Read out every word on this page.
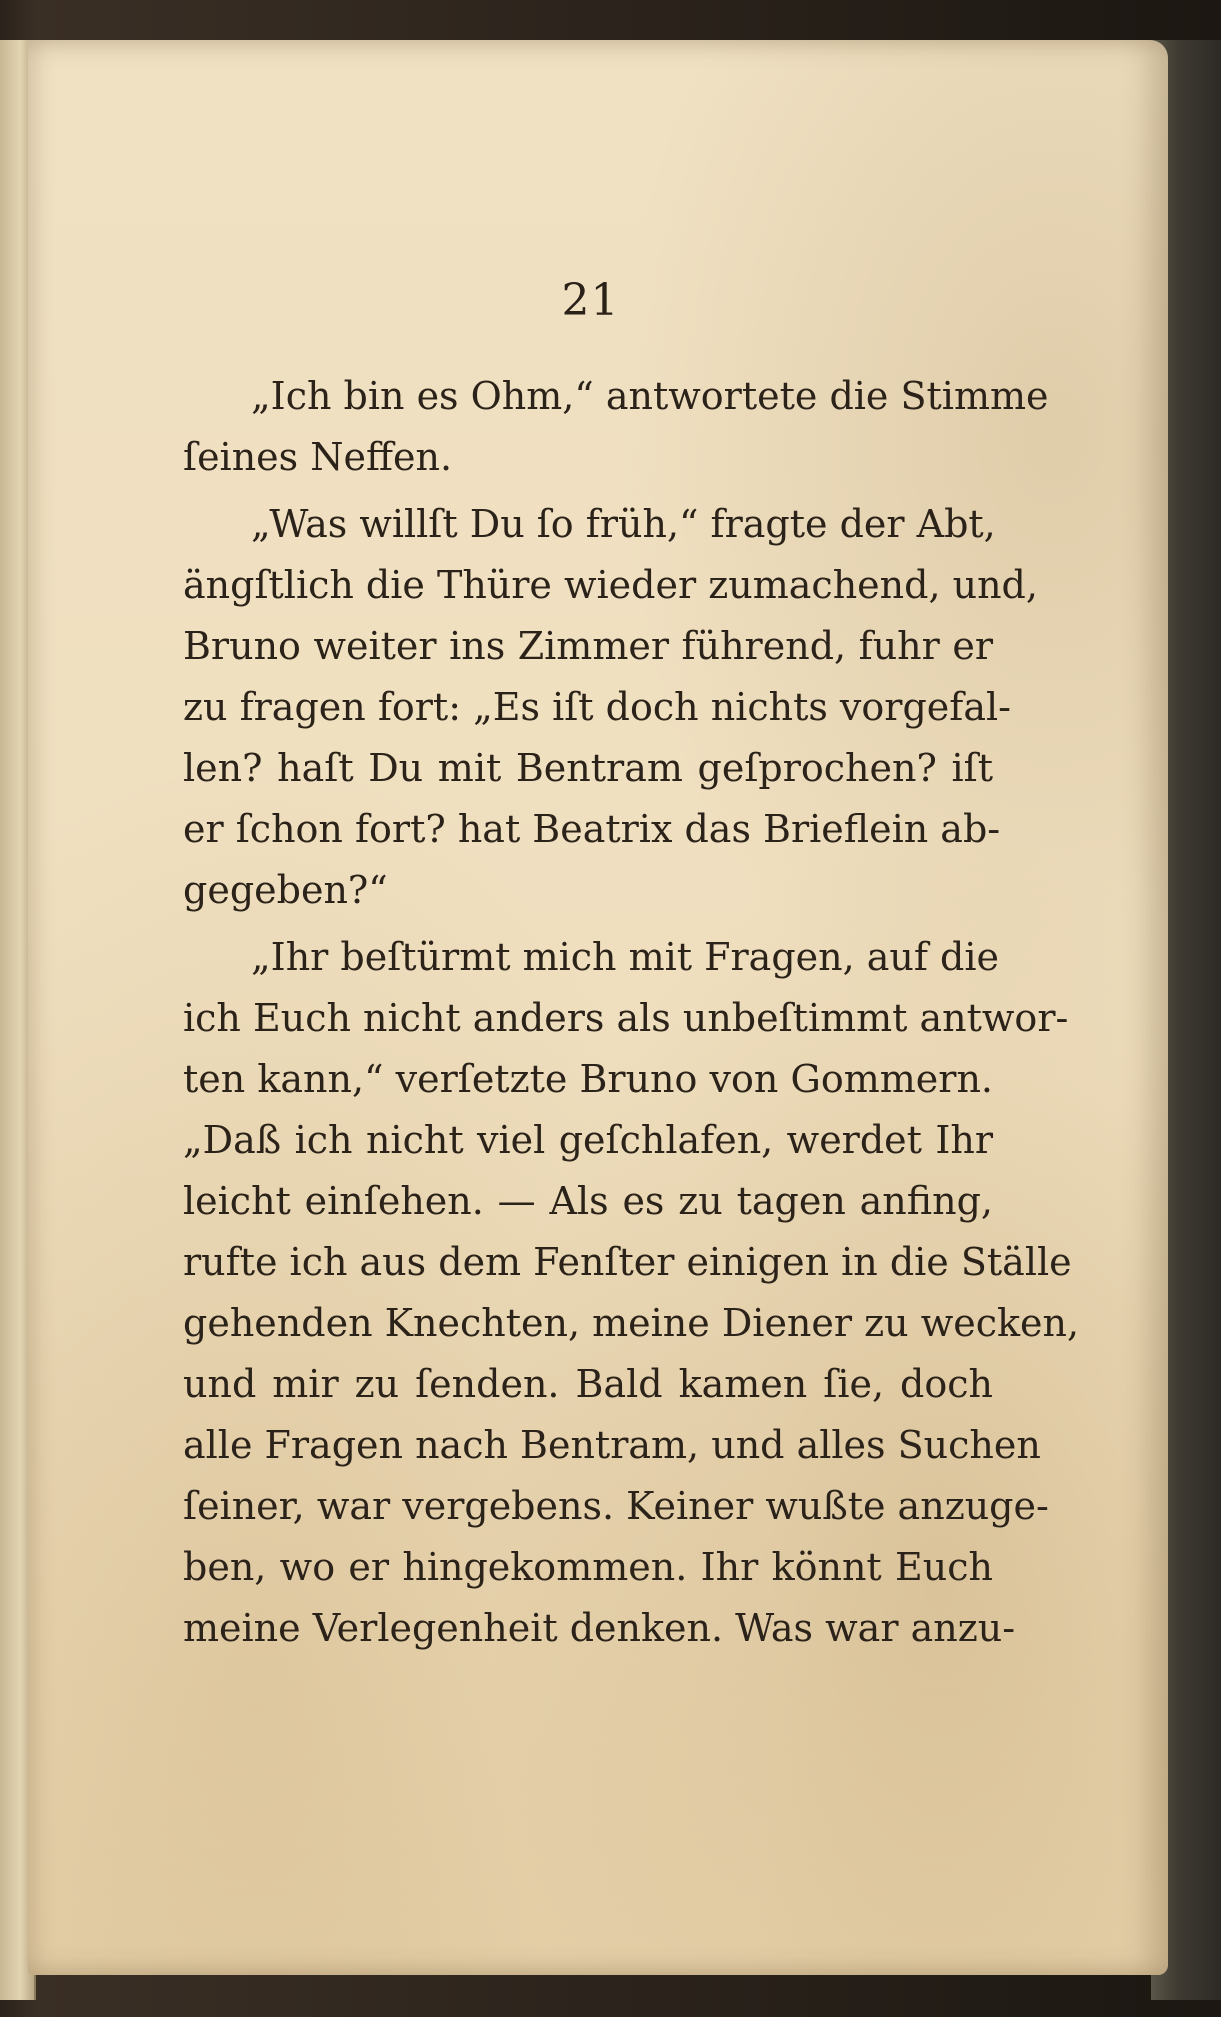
21
„Ich bin es Ohm,“ antwortete die Stimme
ſeines Neffen.
„Was willſt Du ſo früh,“ fragte der Abt,
ängſtlich die Thüre wieder zumachend, und,
Bruno weiter ins Zimmer führend, fuhr er
zu fragen fort: „Es iſt doch nichts vorgefal-
len? haſt Du mit Bentram geſprochen? iſt
er ſchon fort? hat Beatrix das Brieflein ab-
gegeben?“
„Ihr beſtürmt mich mit Fragen, auf die
ich Euch nicht anders als unbeſtimmt antwor-
ten kann,“ verſetzte Bruno von Gommern.
„Daß ich nicht viel geſchlafen, werdet Ihr
leicht einſehen. — Als es zu tagen anfing,
rufte ich aus dem Fenſter einigen in die Ställe
gehenden Knechten, meine Diener zu wecken,
und mir zu ſenden. Bald kamen ſie, doch
alle Fragen nach Bentram, und alles Suchen
ſeiner, war vergebens. Keiner wußte anzuge-
ben, wo er hingekommen. Ihr könnt Euch
meine Verlegenheit denken. Was war anzu-
